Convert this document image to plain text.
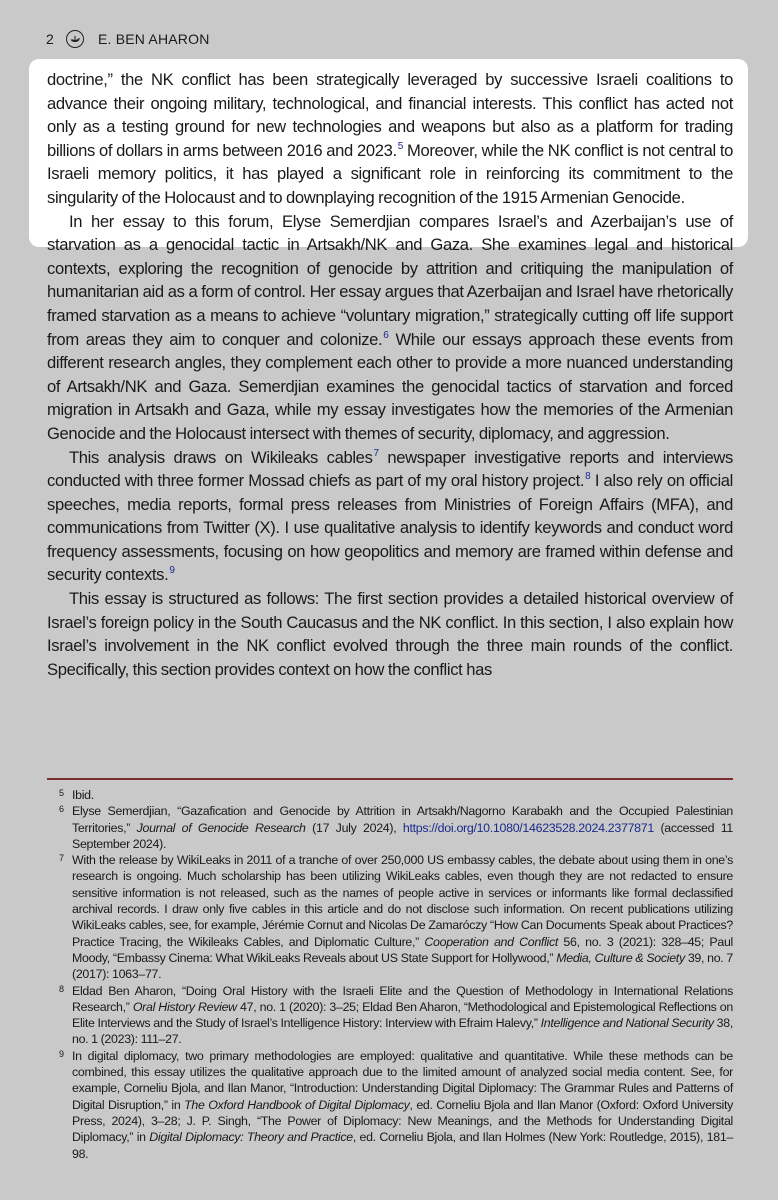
2	E. BEN AHARON

doctrine,” the NK conflict has been strategically leveraged by successive Israeli coalitions to advance their ongoing military, technological, and financial interests. This conflict has acted not only as a testing ground for new technologies and weapons but also as a platform for trading billions of dollars in arms between 2016 and 2023.$^5$ Moreover, while the NK conflict is not central to Israeli memory politics, it has played a significant role in reinforcing its commitment to the singularity of the Holocaust and to downplaying recognition of the 1915 Armenian Genocide.

In her essay to this forum, Elyse Semerdjian compares Israel’s and Azerbaijan’s use of starvation as a genocidal tactic in Artsakh/NK and Gaza. She examines legal and historical contexts, exploring the recognition of genocide by attrition and critiquing the manipulation of humanitarian aid as a form of control. Her essay argues that Azerbaijan and Israel have rhetorically framed starvation as a means to achieve “voluntary migration,” strategically cutting off life support from areas they aim to conquer and colonize.$^6$ While our essays approach these events from different research angles, they complement each other to provide a more nuanced understanding of Artsakh/NK and Gaza. Semerdjian examines the genocidal tactics of starvation and forced migration in Artsakh and Gaza, while my essay investigates how the memories of the Armenian Genocide and the Holocaust intersect with themes of security, diplomacy, and aggression.

This analysis draws on Wikileaks cables$^7$ newspaper investigative reports and interviews conducted with three former Mossad chiefs as part of my oral history project.$^8$ I also rely on official speeches, media reports, formal press releases from Ministries of Foreign Affairs (MFA), and communications from Twitter (X). I use qualitative analysis to identify keywords and conduct word frequency assessments, focusing on how geopolitics and memory are framed within defense and security contexts.$^9$

This essay is structured as follows: The first section provides a detailed historical overview of Israel’s foreign policy in the South Caucasus and the NK conflict. In this section, I also explain how Israel’s involvement in the NK conflict evolved through the three main rounds of the conflict. Specifically, this section provides context on how the conflict has

5 Ibid.

6 Elyse Semerdjian, “Gazafication and Genocide by Attrition in Artsakh/Nagorno Karabakh and the Occupied Palestinian Territories,” Journal of Genocide Research (17 July 2024), https://doi.org/10.1080/14623528.2024.2377871 (accessed 11 September 2024).

7 With the release by WikiLeaks in 2011 of a tranche of over 250,000 US embassy cables, the debate about using them in one’s research is ongoing. Much scholarship has been utilizing WikiLeaks cables, even though they are not redacted to ensure sensitive information is not released, such as the names of people active in services or informants like formal declassified archival records. I draw only five cables in this article and do not disclose such information. On recent publications utilizing WikiLeaks cables, see, for example, Jérémie Cornut and Nicolas De Zamaróczy “How Can Documents Speak about Practices? Practice Tracing, the Wikileaks Cables, and Diplomatic Culture,” Cooperation and Conflict 56, no. 3 (2021): 328–45; Paul Moody, “Embassy Cinema: What WikiLeaks Reveals about US State Support for Hollywood,” Media, Culture & Society 39, no. 7 (2017): 1063–77.

8 Eldad Ben Aharon, “Doing Oral History with the Israeli Elite and the Question of Methodology in International Relations Research,” Oral History Review 47, no. 1 (2020): 3–25; Eldad Ben Aharon, “Methodological and Epistemological Reflections on Elite Interviews and the Study of Israel’s Intelligence History: Interview with Efraim Halevy,” Intelligence and National Security 38, no. 1 (2023): 111–27.

9 In digital diplomacy, two primary methodologies are employed: qualitative and quantitative. While these methods can be combined, this essay utilizes the qualitative approach due to the limited amount of analyzed social media content. See, for example, Corneliu Bjola, and Ilan Manor, “Introduction: Understanding Digital Diplomacy: The Grammar Rules and Patterns of Digital Disruption,” in The Oxford Handbook of Digital Diplomacy, ed. Corneliu Bjola and Ilan Manor (Oxford: Oxford University Press, 2024), 3–28; J. P. Singh, “The Power of Diplomacy: New Meanings, and the Methods for Understanding Digital Diplomacy,” in Digital Diplomacy: Theory and Practice, ed. Corneliu Bjola, and Ilan Holmes (New York: Routledge, 2015), 181–98.
